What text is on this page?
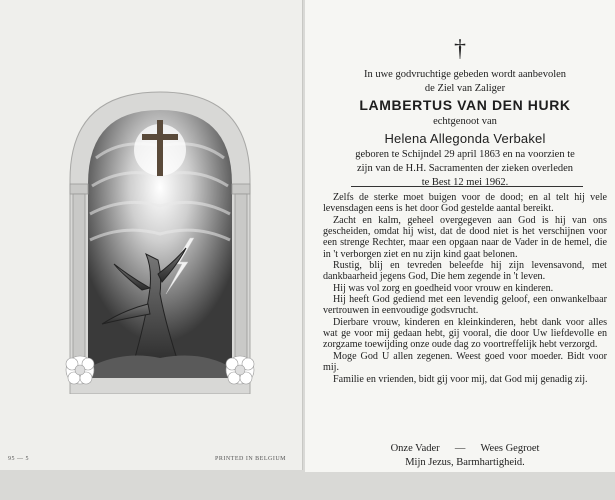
95 — 5	PRINTED IN BELGIUM
†
In uwe godvruchtige gebeden wordt aanbevolen
de Ziel van Zaliger
LAMBERTUS VAN DEN HURK
echtgenoot van
Helena Allegonda Verbakel
geboren te Schijndel 29 april 1863 en na voorzien te
zijn van de H.H. Sacramenten der zieken overleden
te Best 12 mei 1962.

Zelfs de sterke moet buigen voor de dood; en al telt hij vele levensdagen eens is het door God gestelde aantal bereikt.

Zacht en kalm, geheel overgegeven aan God is hij van ons gescheiden, omdat hij wist, dat de dood niet is het verschijnen voor een strenge Rechter, maar een opgaan naar de Vader in de hemel, die in 't verborgen ziet en nu zijn kind gaat belonen.

Rustig, blij en tevreden beleefde hij zijn levensavond, met dankbaarheid jegens God, Die hem zegende in 't leven.

Hij was vol zorg en goedheid voor vrouw en kinderen.

Hij heeft God gediend met een levendig geloof, een onwankelbaar vertrouwen in eenvoudige godsvrucht.

Dierbare vrouw, kinderen en kleinkinderen, hebt dank voor alles wat ge voor mij gedaan hebt, gij vooral, die door Uw liefdevolle en zorgzame toewijding onze oude dag zo voortreffelijk hebt verzorgd.

Moge God U allen zegenen. Weest goed voor moeder. Bidt voor mij.

Familie en vrienden, bidt gij voor mij, dat God mij genadig zij.

Onze Vader — Wees Gegroet
Mijn Jezus, Barmhartigheid.
